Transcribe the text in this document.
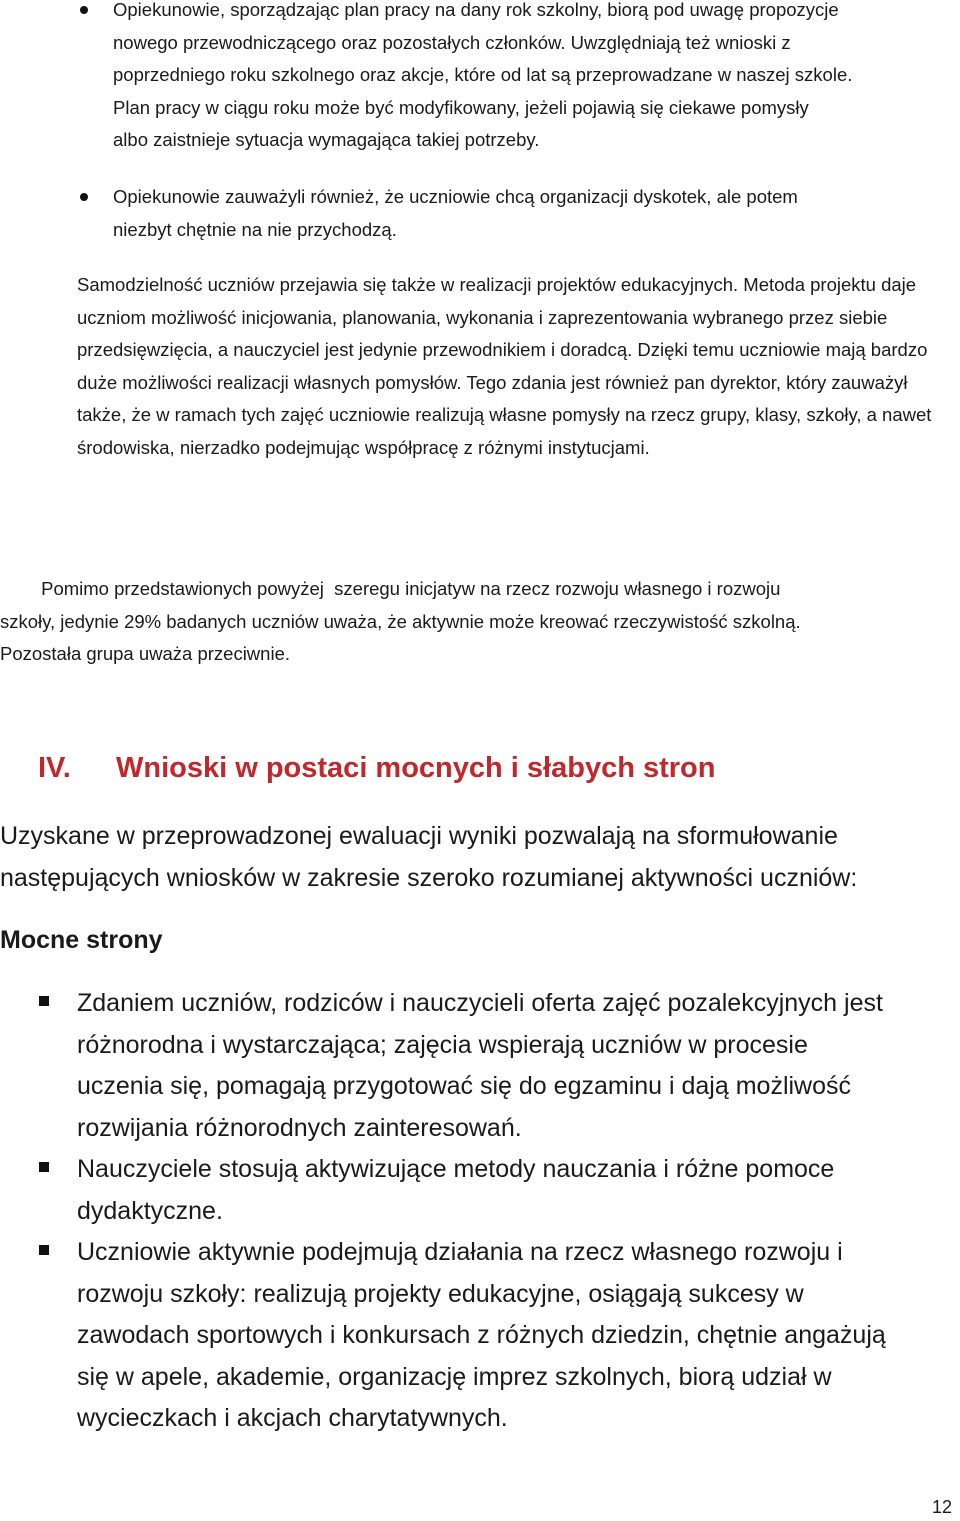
Opiekunowie, sporządzając plan pracy na dany rok szkolny, biorą pod uwagę propozycje
nowego przewodniczącego oraz pozostałych członków. Uwzględniają też wnioski z
poprzedniego roku szkolnego oraz akcje, które od lat są przeprowadzane w naszej szkole.
Plan pracy w ciągu roku może być modyfikowany, jeżeli pojawią się ciekawe pomysły
albo zaistnieje sytuacja wymagająca takiej potrzeby.
Opiekunowie zauważyli również, że uczniowie chcą organizacji dyskotek, ale potem
niezbyt chętnie na nie przychodzą.

Samodzielność uczniów przejawia się także w realizacji projektów edukacyjnych. Metoda projektu daje uczniom możliwość inicjowania, planowania, wykonania i zaprezentowania wybranego przez siebie przedsięwzięcia, a nauczyciel jest jedynie przewodnikiem i doradcą. Dzięki temu uczniowie mają bardzo duże możliwości realizacji własnych pomysłów. Tego zdania jest również pan dyrektor, który zauważył także, że w ramach tych zajęć uczniowie realizują własne pomysły na rzecz grupy, klasy, szkoły, a nawet środowiska, nierzadko podejmując współpracę z różnymi instytucjami.

Pomimo przedstawionych powyżej  szeregu inicjatyw na rzecz rozwoju własnego i rozwoju
szkoły, jedynie 29% badanych uczniów uważa, że aktywnie może kreować rzeczywistość szkolną.
Pozostała grupa uważa przeciwnie.
IV. Wnioski w postaci mocnych i słabych stron
Uzyskane w przeprowadzonej ewaluacji wyniki pozwalają na sformułowanie
następujących wniosków w zakresie szeroko rozumianej aktywności uczniów:
Mocne strony
Zdaniem uczniów, rodziców i nauczycieli oferta zajęć pozalekcyjnych jest
różnorodna i wystarczająca; zajęcia wspierają uczniów w procesie
uczenia się, pomagają przygotować się do egzaminu i dają możliwość
rozwijania różnorodnych zainteresowań.
Nauczyciele stosują aktywizujące metody nauczania i różne pomoce
dydaktyczne.
Uczniowie aktywnie podejmują działania na rzecz własnego rozwoju i
rozwoju szkoły: realizują projekty edukacyjne, osiągają sukcesy w
zawodach sportowych i konkursach z różnych dziedzin, chętnie angażują
się w apele, akademie, organizację imprez szkolnych, biorą udział w
wycieczkach i akcjach charytatywnych.
12
